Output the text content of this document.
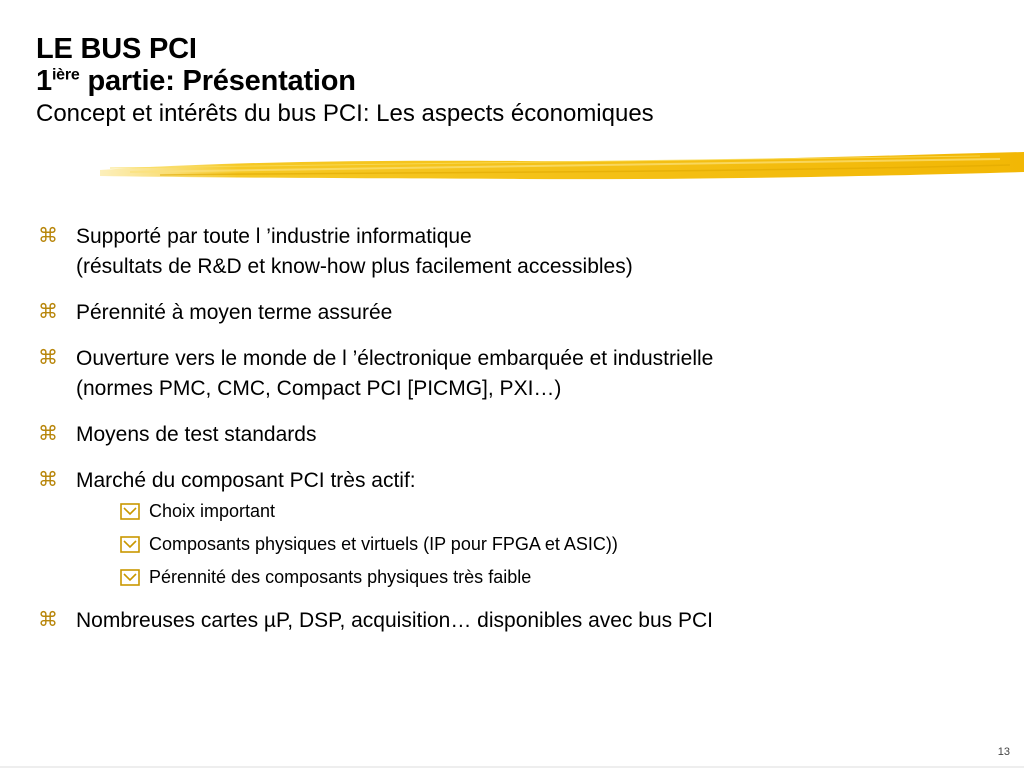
LE BUS PCI

$1^{ière}$ partie: Présentation

Concept et intérêts du bus PCI: Les aspects économiques

⌘ Supporté par toute l ’industrie informatique
(résultats de R&D et know-how plus facilement accessibles)
⌘ Pérennité à moyen terme assurée
⌘ Ouverture vers le monde de l ’électronique embarquée et industrielle
(normes PMC, CMC, Compact PCI [PICMG], PXI…)
⌘ Moyens de test standards
⌘ Marché du composant PCI très actif:
Choix important
Composants physiques et virtuels (IP pour FPGA et ASIC))
Pérennité des composants physiques très faible
⌘ Nombreuses cartes µP, DSP, acquisition… disponibles avec bus PCI
13
